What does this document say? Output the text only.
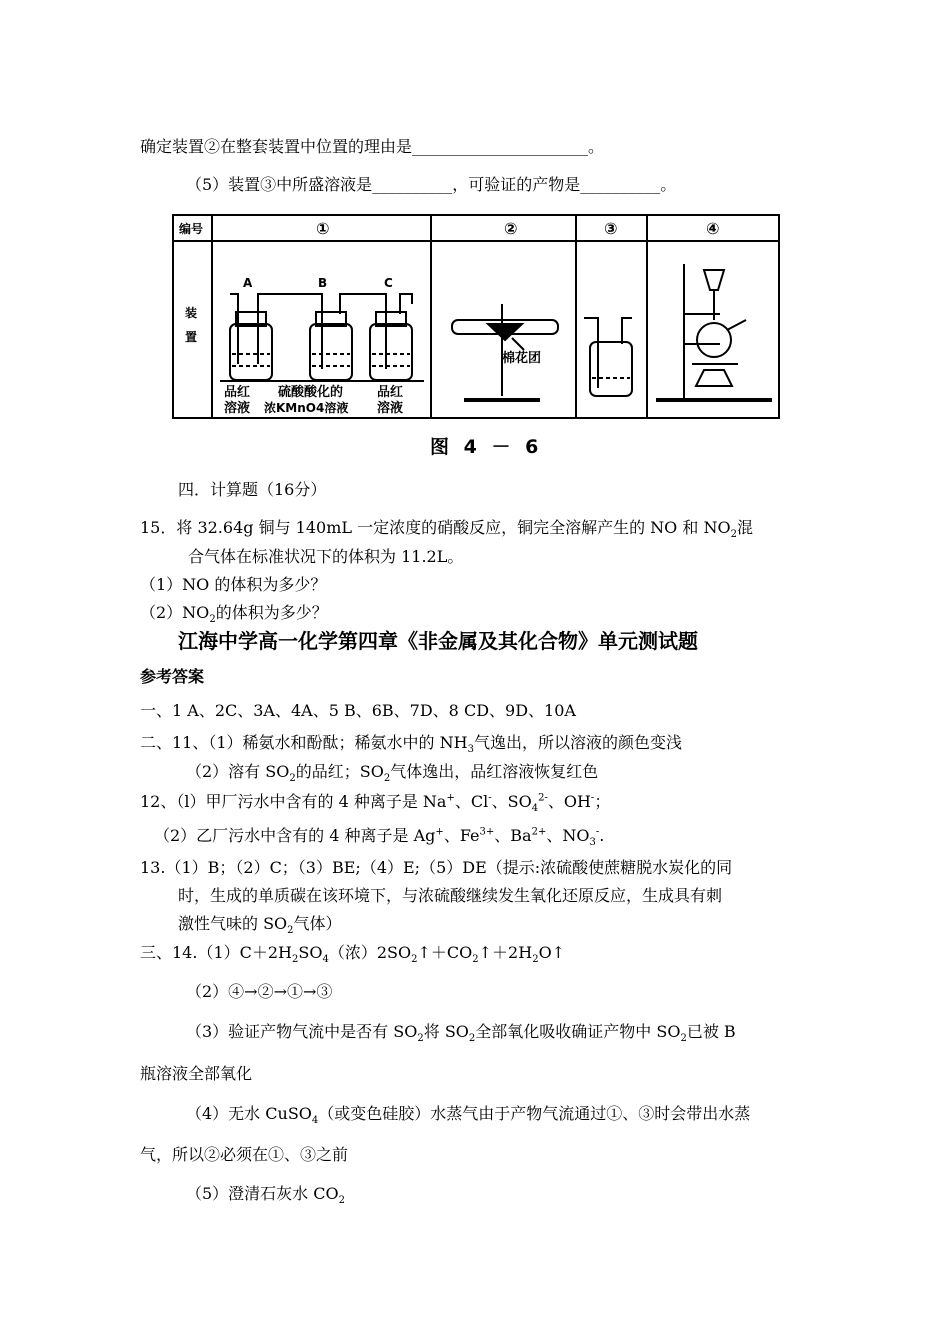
确定装置②在整套装置中位置的理由是______________________。
（5）装置③中所盛溶液是__________，可验证的产物是__________。
编号	①	②	③	④
装
置
A	B	C
品红
溶液
硫酸酸化的
浓KMnO4溶液
品红
溶液
棉花团
图 4 － 6
四．计算题（16分）
15．将 32.64g 铜与 140mL 一定浓度的硝酸反应，铜完全溶解产生的 NO 和 $NO_2$混
合气体在标准状况下的体积为 11.2L。
（1）NO 的体积为多少？
$(2)NO_2$的体积为多少？
江海中学高一化学第四章《非金属及其化合物》单元测试题
参考答案
一、1 A、2C、3A、4A、5 B、6B、7D、8 CD、9D、10A
二、11、（1）稀氨水和酚酞；稀氨水中的 $NH_3$气逸出，所以溶液的颜色变浅
（2）溶有 $SO_2$的品红；$SO_2$气体逸出，品红溶液恢复红色
12、（l）甲厂污水中含有的 4 种离子是 Na+、Cl-、$SO_4^{2-}$、OH-；
（2）乙厂污水中含有的 4 种离子是 Ag+、$Fe^{3+}$、$Ba^{2+}$、$NO_3^-$.
13.（1）B；（2）C；（3）BE;（4）E;（5）DE（提示:浓硫酸使蔗糖脱水炭化的同
时，生成的单质碳在该环境下，与浓硫酸继续发生氧化还原反应，生成具有刺
激性气味的 $SO_2$气体）
三、$14.(1)C+2H_2SO_4$（浓）$2SO_2↑+CO_2↑+2H_2O↑$
（2）④→②→①→③
（3）验证产物气流中是否有 $SO_2$将 $SO_2$全部氧化吸收确证产物中 $SO_2$已被 B
瓶溶液全部氧化
（4）无水 CuSO$_4$（或变色硅胶）水蒸气由于产物气流通过①、③时会带出水蒸
气，所以②必须在①、③之前
（5）澄清石灰水 $CO_2$
